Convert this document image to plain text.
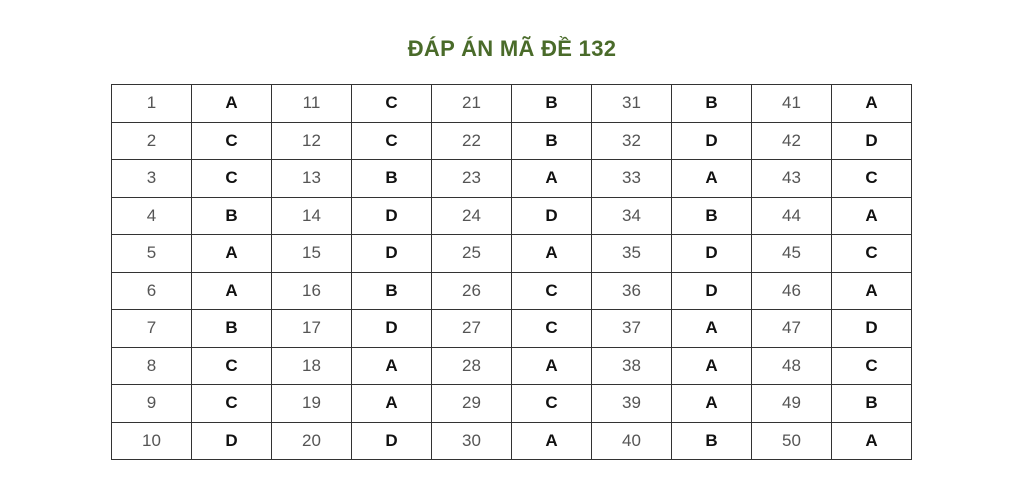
ĐÁP ÁN MÃ ĐỀ 132
1	A	11	C	21	B	31	B	41	A
2	C	12	C	22	B	32	D	42	D
3	C	13	B	23	A	33	A	43	C
4	B	14	D	24	D	34	B	44	A
5	A	15	D	25	A	35	D	45	C
6	A	16	B	26	C	36	D	46	A
7	B	17	D	27	C	37	A	47	D
8	C	18	A	28	A	38	A	48	C
9	C	19	A	29	C	39	A	49	B
10	D	20	D	30	A	40	B	50	A
